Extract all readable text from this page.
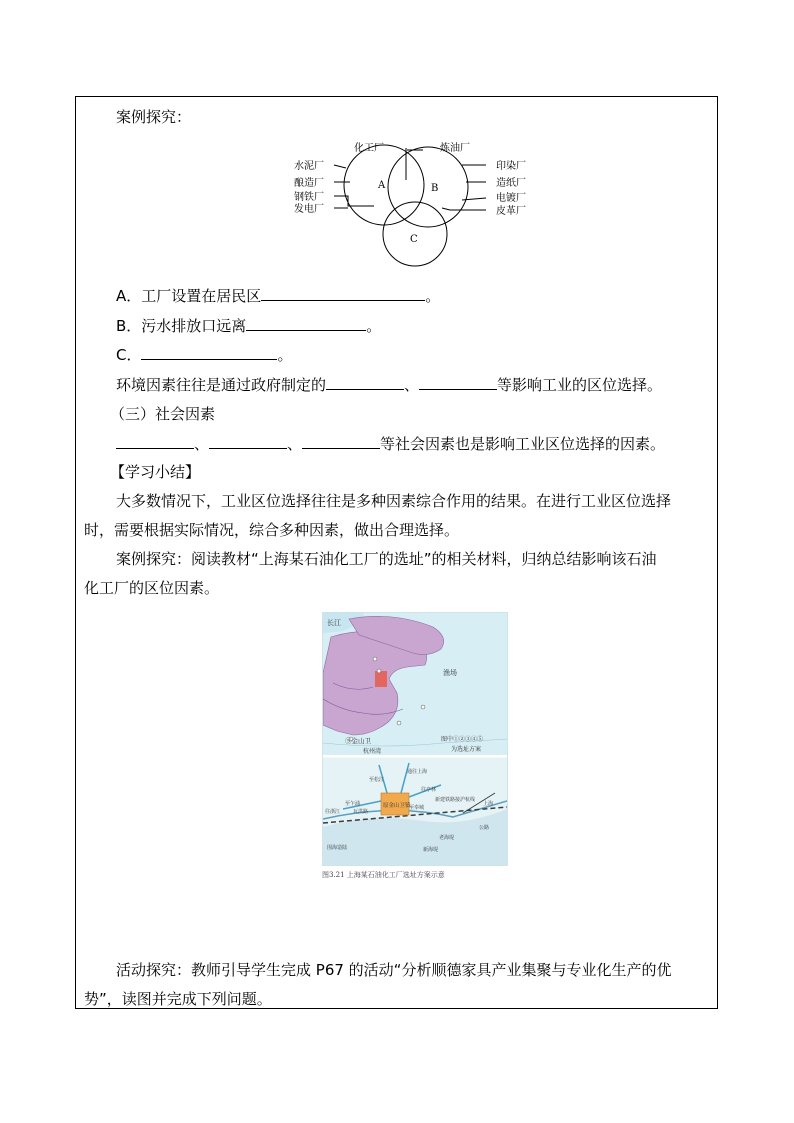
案例探究：
化工厂	炼油厂
水泥厂
酿造厂
钢铁厂
发电厂
印染厂
造纸厂
电镀厂
皮革厂
A	B
C
A．工厂设置在居民区	。
B．污水排放口远离	。
C．	。
环境因素往往是通过政府制定的	、	等影响工业的区位选择。
（三）社会因素
、	、	等社会因素也是影响工业区位选择的因素。
【学习小结】
大多数情况下，工业区位选择往往是多种因素综合作用的结果。在进行工业区位选择
时，需要根据实际情况，综合多种因素，做出合理选择。
案例探究：阅读教材“上海某石油化工厂的选址”的相关材料，归纳总结影响该石油
化工厂的区位因素。
长江
渔场
⑤金山卫
杭州湾
图中①②③④⑤
为选址方案
原金山卫镇
往浙江
至乍浦
至松江
通往上海
往亭林
至奉城
瓦洪路
新建铁路接沪杭线
上海
公路
老海堤
新海堤
围海造陆
图3.21 上海某石油化工厂选址方案示意
活动探究：教师引导学生完成 P67 的活动“分析顺德家具产业集聚与专业化生产的优
势”，读图并完成下列问题。
